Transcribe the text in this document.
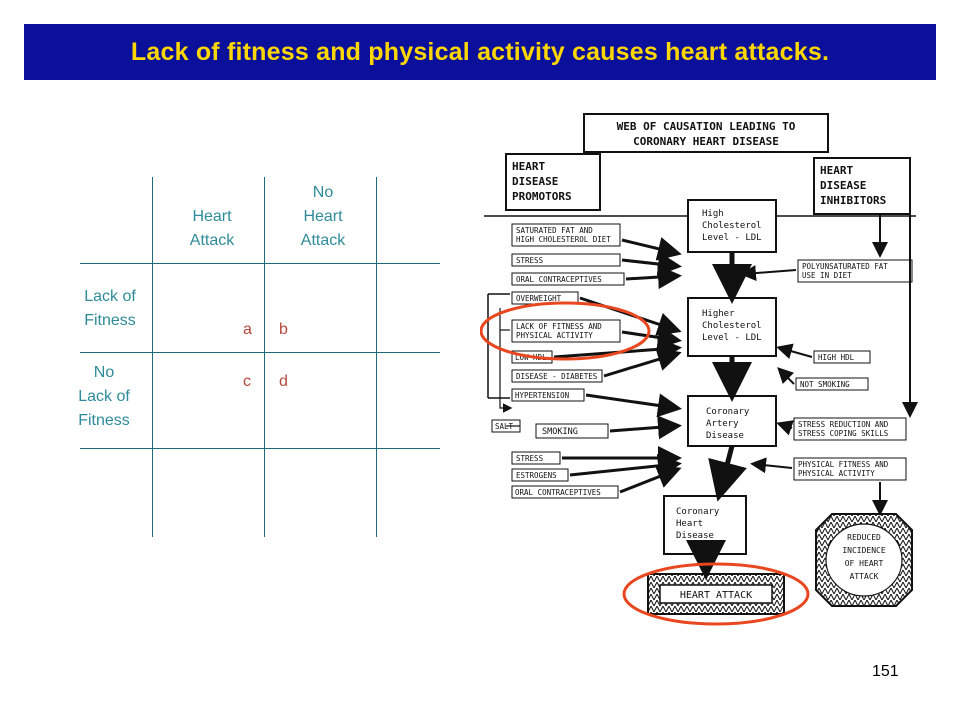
Lack of fitness and physical activity causes heart attacks.
Heart
Attack
No
Heart
Attack
Lack of
Fitness
No
Lack of
Fitness
a b
c d
WEB OF CAUSATION LEADING TO
CORONARY HEART DISEASE
HEART
DISEASE
PROMOTORS
HEART
DISEASE
INHIBITORS
SATURATED FAT AND
HIGH CHOLESTEROL DIET
STRESS
ORAL CONTRACEPTIVES
OVERWEIGHT
LACK OF FITNESS AND
PHYSICAL ACTIVITY
LOW HDL
DISEASE - DIABETES
HYPERTENSION
SALT
SMOKING
STRESS
ESTROGENS
ORAL CONTRACEPTIVES
High
Cholesterol
Level - LDL
Higher
Cholesterol
Level - LDL
Coronary
Artery
Disease
Coronary
Heart
Disease
HEART ATTACK
POLYUNSATURATED FAT
USE IN DIET
HIGH HDL
NOT SMOKING
STRESS REDUCTION AND
STRESS COPING SKILLS
PHYSICAL FITNESS AND
PHYSICAL ACTIVITY
REDUCED
INCIDENCE
OF HEART
ATTACK
151
